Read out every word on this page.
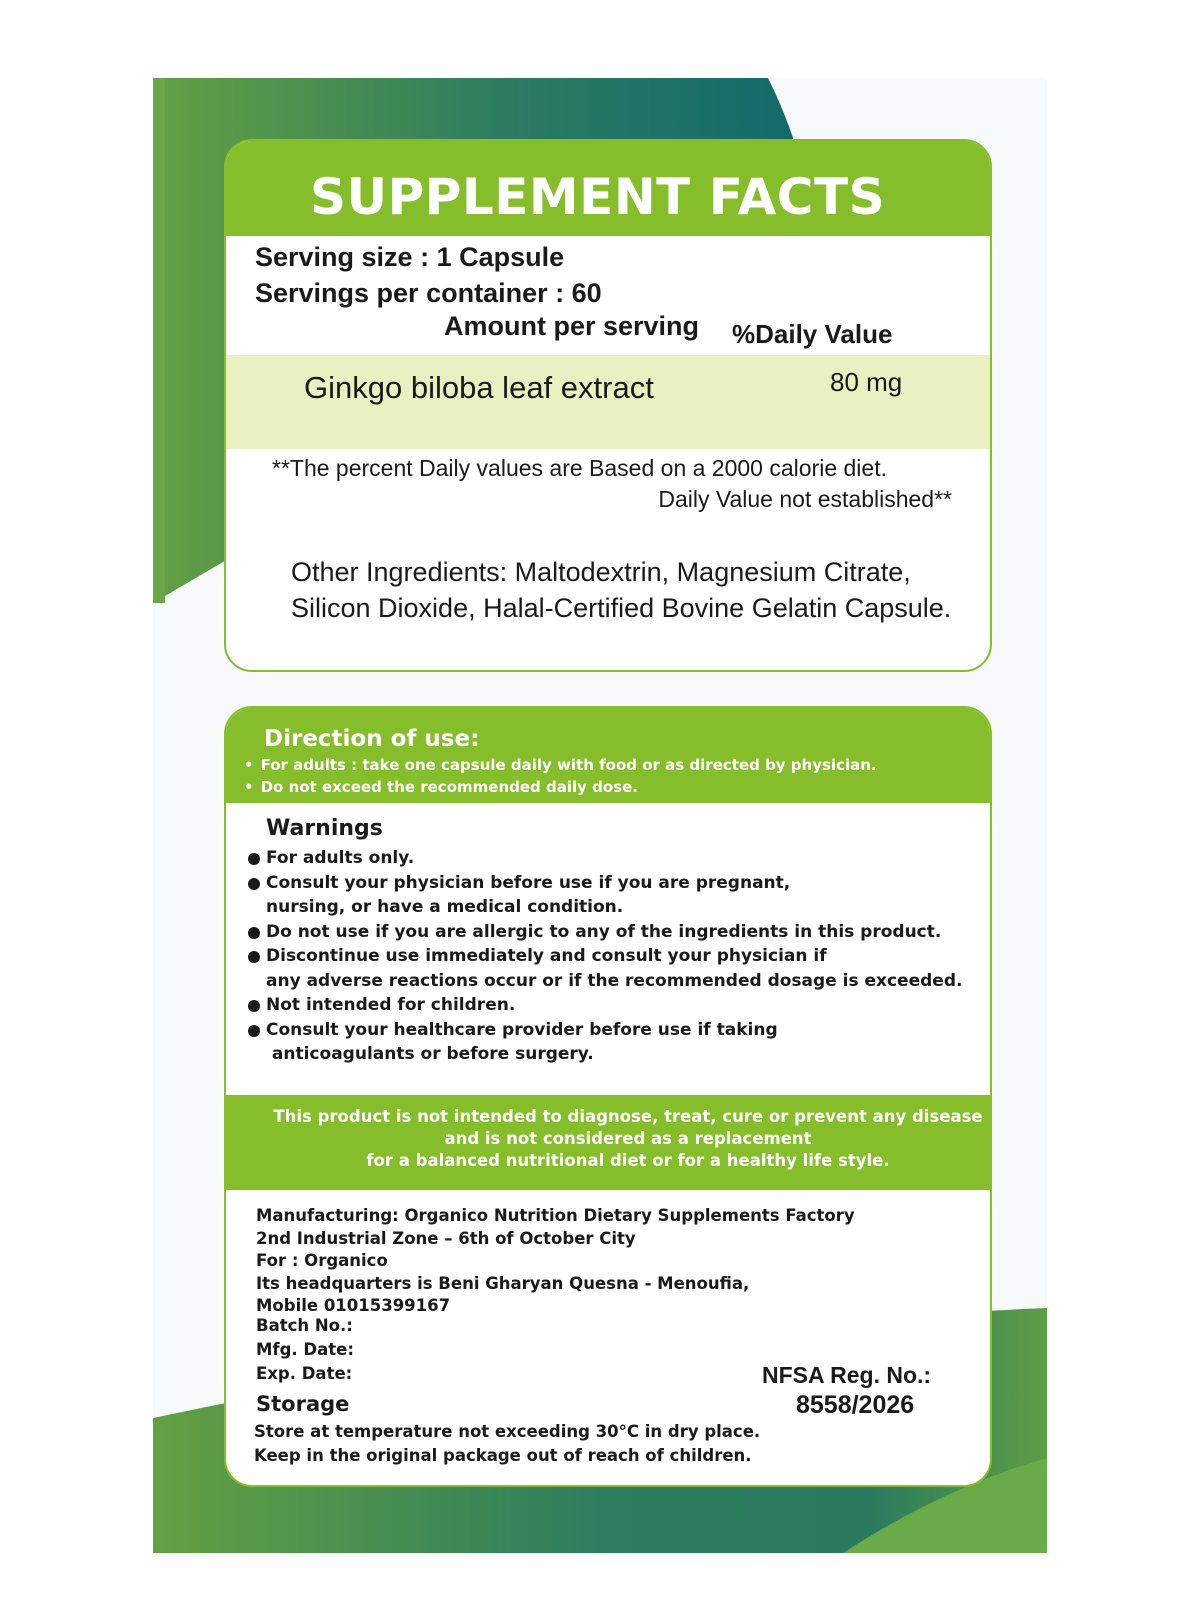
SUPPLEMENT FACTS
Serving size : 1 Capsule
Servings per container : 60
Amount per serving %Daily Value
Ginkgo biloba leaf extract	80 mg
**The percent Daily values are Based on a 2000 calorie diet.
Daily Value not established**
Other Ingredients: Maltodextrin, Magnesium Citrate,
Silicon Dioxide, Halal-Certified Bovine Gelatin Capsule.
Direction of use:
• For adults : take one capsule daily with food or as directed by physician.
• Do not exceed the recommended daily dose.
Warnings
For adults only.
Consult your physician before use if you are pregnant,
nursing, or have a medical condition.
Do not use if you are allergic to any of the ingredients in this product.
Discontinue use immediately and consult your physician if
any adverse reactions occur or if the recommended dosage is exceeded.
Not intended for children.
Consult your healthcare provider before use if taking
anticoagulants or before surgery.
This product is not intended to diagnose, treat, cure or prevent any disease
and is not considered as a replacement
for a balanced nutritional diet or for a healthy life style.
Manufacturing: Organico Nutrition Dietary Supplements Factory
2nd Industrial Zone – 6th of October City
For : Organico
Its headquarters is Beni Gharyan Quesna - Menoufia,
Mobile 01015399167
Batch No.:
Mfg. Date:
Exp. Date:
Storage
Store at temperature not exceeding 30°C in dry place.
Keep in the original package out of reach of children.
NFSA Reg. No.:
8558/2026
